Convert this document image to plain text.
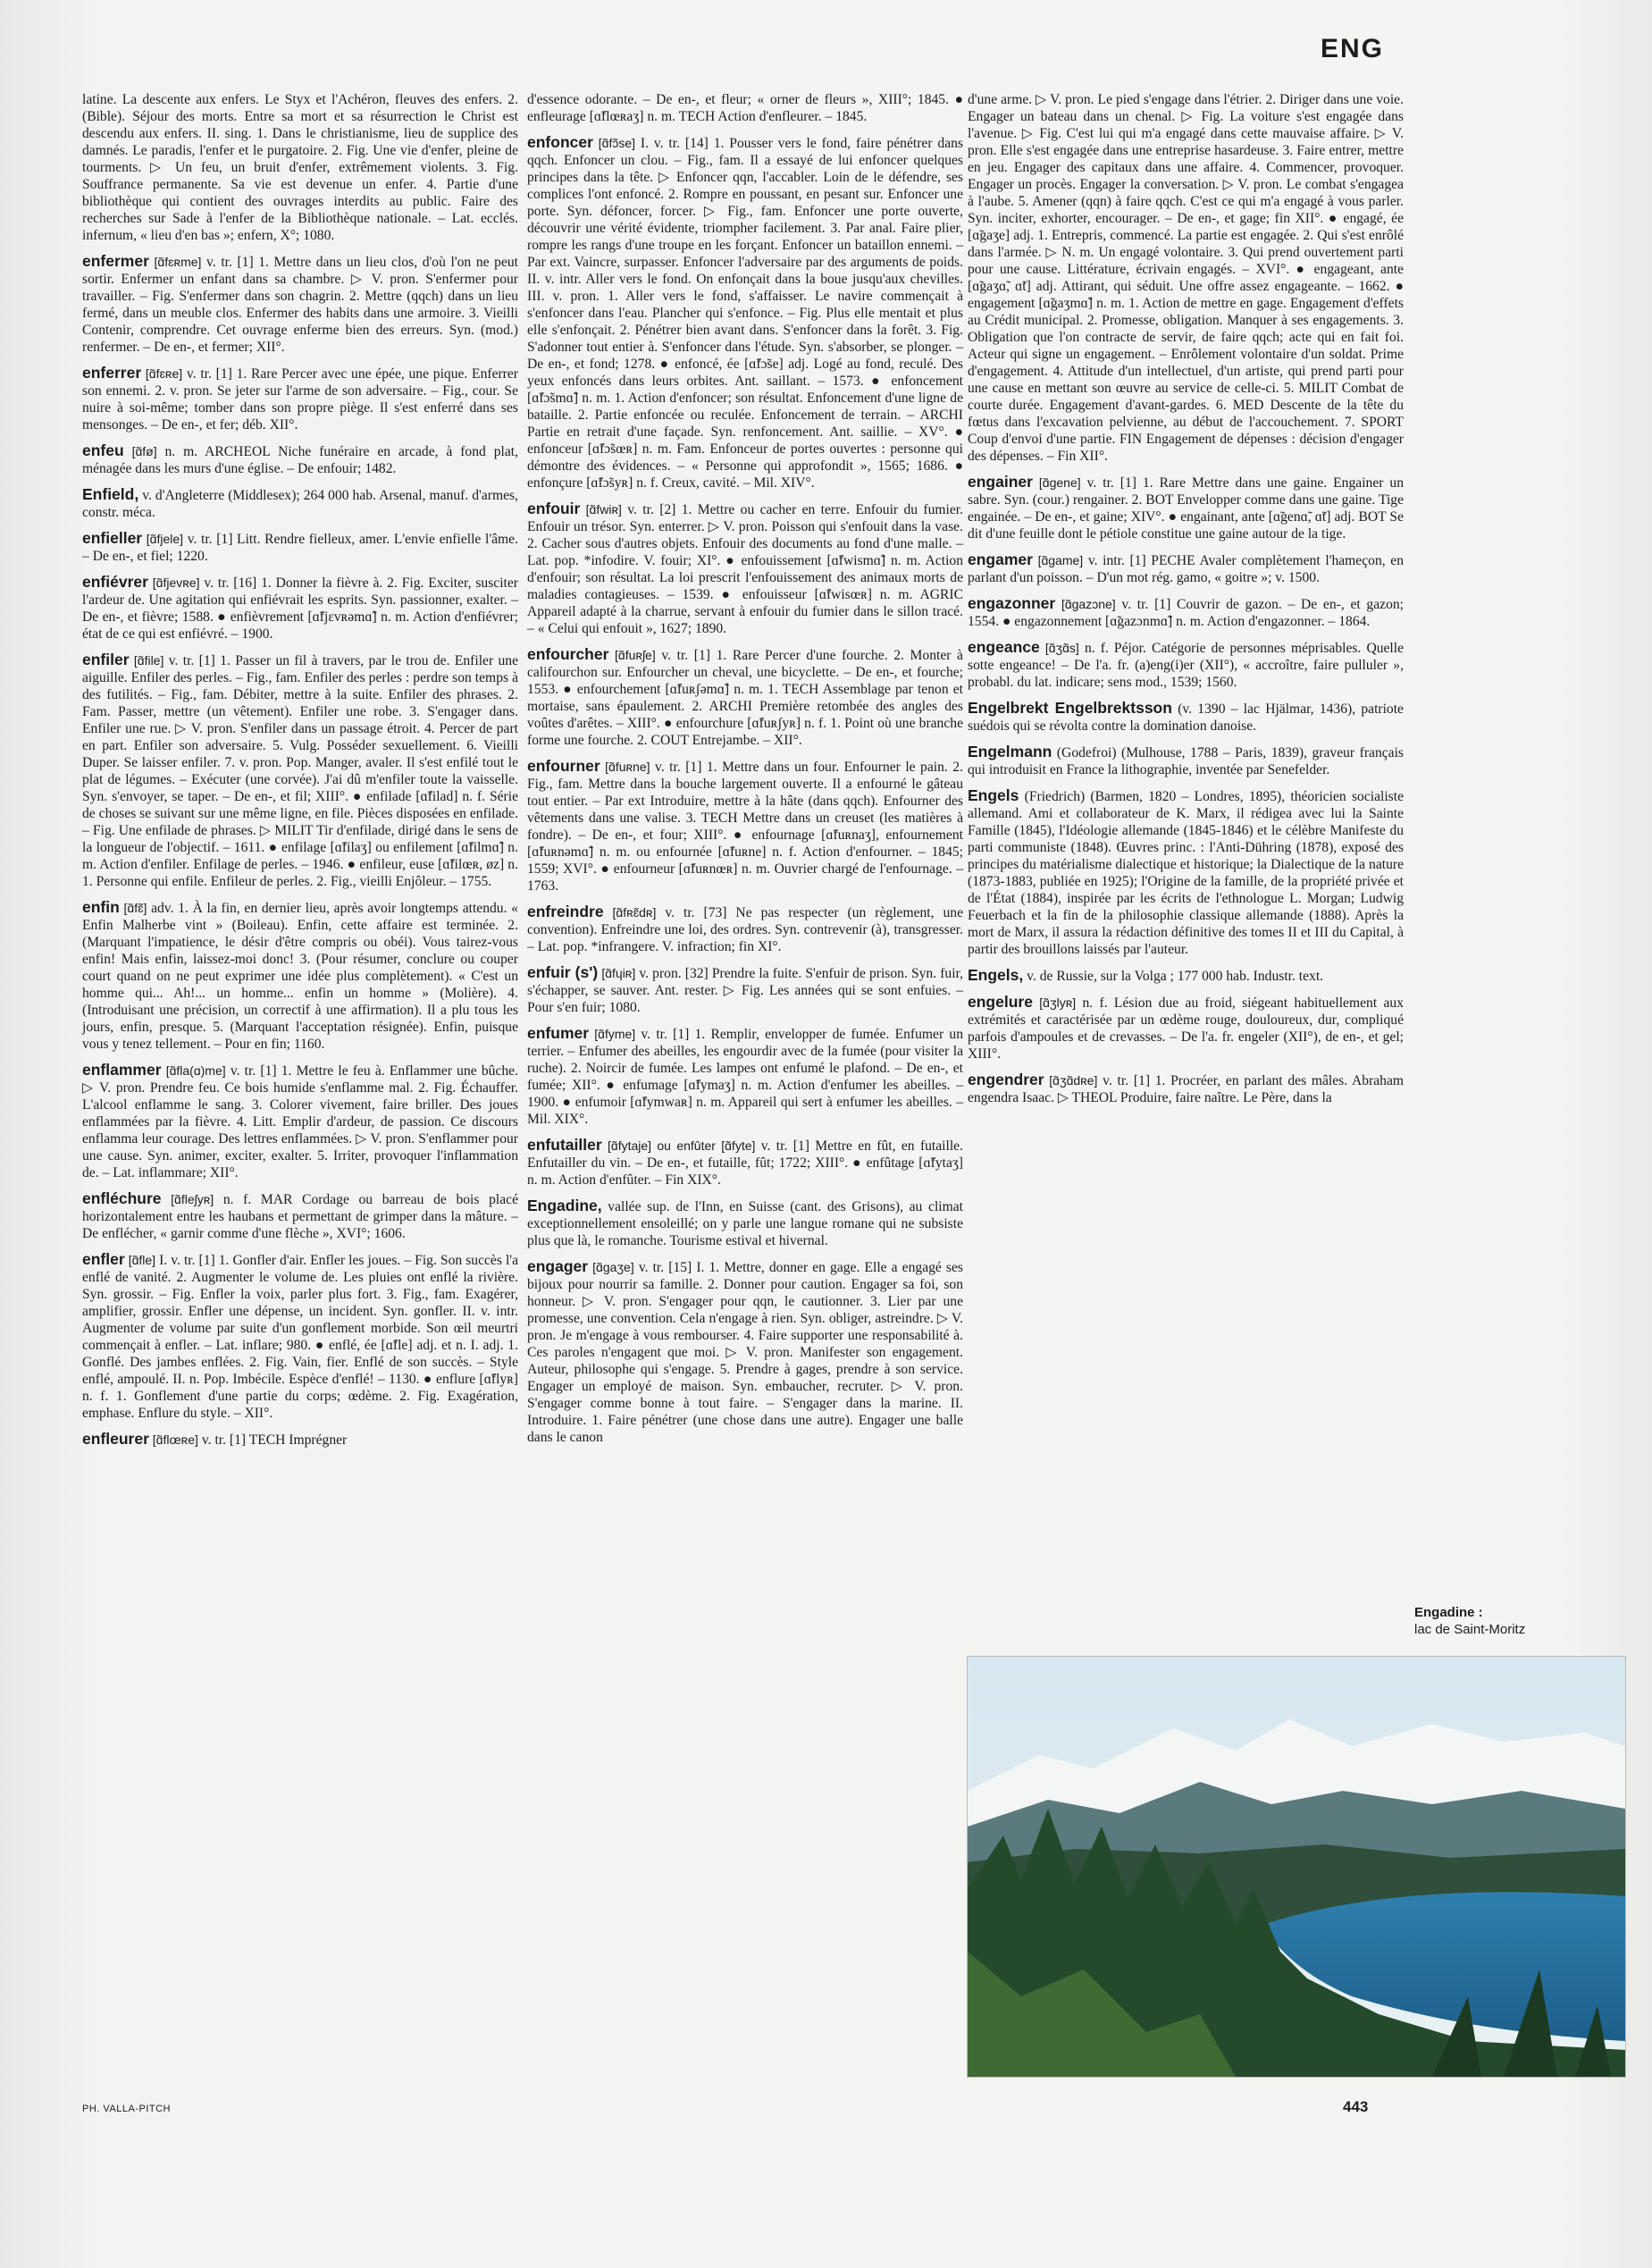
ENG
latine. La descente aux enfers. Le Styx et l'Achéron, fleuves des enfers. 2. (Bible). Séjour des morts. Entre sa mort et sa résurrection le Christ est descendu aux enfers. II. sing. 1. Dans le christianisme, lieu de supplice des damnés. Le paradis, l'enfer et le purgatoire. 2. Fig. Une vie d'enfer, pleine de tourments. ▷ Un feu, un bruit d'enfer, extrêmement violents. 3. Fig. Souffrance permanente. Sa vie est devenue un enfer. 4. Partie d'une bibliothèque qui contient des ouvrages interdits au public. Faire des recherches sur Sade à l'enfer de la Bibliothèque nationale. – Lat. ecclés. infernum, « lieu d'en bas »; enfern, X°; 1080.
enfermer [ɑ̃fɛʀme] v. tr. [1] 1. Mettre dans un lieu clos, d'où l'on ne peut sortir. Enfermer un enfant dans sa chambre. ▷ V. pron. S'enfermer pour travailler. – Fig. S'enfermer dans son chagrin. 2. Mettre (qqch) dans un lieu fermé, dans un meuble clos. Enfermer des habits dans une armoire. 3. Vieilli Contenir, comprendre. Cet ouvrage enferme bien des erreurs. Syn. (mod.) renfermer. – De en-, et fermer; XII°.
enferrer [ɑ̃fɛʀe] v. tr. [1] 1. Rare Percer avec une épée, une pique. Enferrer son ennemi. 2. v. pron. Se jeter sur l'arme de son adversaire. – Fig., cour. Se nuire à soi-même; tomber dans son propre piège. Il s'est enferré dans ses mensonges. – De en-, et fer; déb. XII°.
enfeu [ɑ̃fø] n. m. ARCHEOL Niche funéraire en arcade, à fond plat, ménagée dans les murs d'une église. – De enfouir; 1482.
Enfield, v. d'Angleterre (Middlesex); 264 000 hab. Arsenal, manuf. d'armes, constr. méca.
enfieller [ɑ̃fjele] v. tr. [1] Litt. Rendre fielleux, amer. L'envie enfielle l'âme. – De en-, et fiel; 1220.
enfiévrer [ɑ̃fjevʀe] v. tr. [16] 1. Donner la fièvre à. 2. Fig. Exciter, susciter l'ardeur de. Une agitation qui enfiévrait les esprits. Syn. passionner, exalter. – De en-, et fièvre; 1588. ● enfièvrement [ɑ̃fjɛvʀəmɑ̃] n. m. Action d'enfiévrer; état de ce qui est enfiévré. – 1900.
enfiler [ɑ̃file] v. tr. [1] 1. Passer un fil à travers, par le trou de. Enfiler une aiguille. Enfiler des perles. – Fig., fam. Enfiler des perles : perdre son temps à des futilités. – Fig., fam. Débiter, mettre à la suite. Enfiler des phrases. 2. Fam. Passer, mettre (un vêtement). Enfiler une robe. 3. S'engager dans. Enfiler une rue. ▷ V. pron. S'enfiler dans un passage étroit. 4. Percer de part en part. Enfiler son adversaire. 5. Vulg. Posséder sexuellement. 6. Vieilli Duper. Se laisser enfiler. 7. v. pron. Pop. Manger, avaler. Il s'est enfilé tout le plat de légumes. – Exécuter (une corvée). J'ai dû m'enfiler toute la vaisselle. Syn. s'envoyer, se taper. – De en-, et fil; XIII°. ● enfilade [ɑ̃filad] n. f. Série de choses se suivant sur une même ligne, en file. Pièces disposées en enfilade. – Fig. Une enfilade de phrases. ▷ MILIT Tir d'enfilade, dirigé dans le sens de la longueur de l'objectif. – 1611. ● enfilage [ɑ̃filaʒ] ou enfilement [ɑ̃filmɑ̃] n. m. Action d'enfiler. Enfilage de perles. – 1946. ● enfileur, euse [ɑ̃filœʀ, øz] n. 1. Personne qui enfile. Enfileur de perles. 2. Fig., vieilli Enjôleur. – 1755.
enfin [ɑ̃fɛ̃] adv. 1. À la fin, en dernier lieu, après avoir longtemps attendu. « Enfin Malherbe vint » (Boileau). Enfin, cette affaire est terminée. 2. (Marquant l'impatience, le désir d'être compris ou obéi). Vous tairez-vous enfin! Mais enfin, laissez-moi donc! 3. (Pour résumer, conclure ou couper court quand on ne peut exprimer une idée plus complètement). « C'est un homme qui... Ah!... un homme... enfin un homme » (Molière). 4. (Introduisant une précision, un correctif à une affirmation). Il a plu tous les jours, enfin, presque. 5. (Marquant l'acceptation résignée). Enfin, puisque vous y tenez tellement. – Pour en fin; 1160.
enflammer [ɑ̃fla(ɑ)me] v. tr. [1] 1. Mettre le feu à. Enflammer une bûche. ▷ V. pron. Prendre feu. Ce bois humide s'enflamme mal. 2. Fig. Échauffer. L'alcool enflamme le sang. 3. Colorer vivement, faire briller. Des joues enflammées par la fièvre. 4. Litt. Emplir d'ardeur, de passion. Ce discours enflamma leur courage. Des lettres enflammées. ▷ V. pron. S'enflammer pour une cause. Syn. animer, exciter, exalter. 5. Irriter, provoquer l'inflammation de. – Lat. inflammare; XII°.
enfléchure [ɑ̃fleʃyʀ] n. f. MAR Cordage ou barreau de bois placé horizontalement entre les haubans et permettant de grimper dans la mâture. – De enflécher, « garnir comme d'une flèche », XVI°; 1606.
enfler [ɑ̃fle] I. v. tr. [1] 1. Gonfler d'air. Enfler les joues. – Fig. Son succès l'a enflé de vanité. 2. Augmenter le volume de. Les pluies ont enflé la rivière. Syn. grossir. – Fig. Enfler la voix, parler plus fort. 3. Fig., fam. Exagérer, amplifier, grossir. Enfler une dépense, un incident. Syn. gonfler. II. v. intr. Augmenter de volume par suite d'un gonflement morbide. Son œil meurtri commençait à enfler. – Lat. inflare; 980. ● enflé, ée [ɑ̃fle] adj. et n. I. adj. 1. Gonflé. Des jambes enflées. 2. Fig. Vain, fier. Enflé de son succès. – Style enflé, ampoulé. II. n. Pop. Imbécile. Espèce d'enflé! – 1130. ● enflure [ɑ̃flyʀ] n. f. 1. Gonflement d'une partie du corps; œdème. 2. Fig. Exagération, emphase. Enflure du style. – XII°.
enfleurer [ɑ̃flœʀe] v. tr. [1] TECH Imprégner
d'essence odorante. – De en-, et fleur; « orner de fleurs », XIII°; 1845. ● enfleurage [ɑ̃flœʀaʒ] n. m. TECH Action d'enfleurer. – 1845.
enfoncer [ɑ̃fɔ̃se] I. v. tr. [14] 1. Pousser vers le fond, faire pénétrer dans qqch. Enfoncer un clou. – Fig., fam. Il a essayé de lui enfoncer quelques principes dans la tête. ▷ Enfoncer qqn, l'accabler. Loin de le défendre, ses complices l'ont enfoncé. 2. Rompre en poussant, en pesant sur. Enfoncer une porte. Syn. défoncer, forcer. ▷ Fig., fam. Enfoncer une porte ouverte, découvrir une vérité évidente, triompher facilement. 3. Par anal. Faire plier, rompre les rangs d'une troupe en les forçant. Enfoncer un bataillon ennemi. – Par ext. Vaincre, surpasser. Enfoncer l'adversaire par des arguments de poids. II. v. intr. Aller vers le fond. On enfonçait dans la boue jusqu'aux chevilles. III. v. pron. 1. Aller vers le fond, s'affaisser. Le navire commençait à s'enfoncer dans l'eau. Plancher qui s'enfonce. – Fig. Plus elle mentait et plus elle s'enfonçait. 2. Pénétrer bien avant dans. S'enfoncer dans la forêt. 3. Fig. S'adonner tout entier à. S'enfoncer dans l'étude. Syn. s'absorber, se plonger. – De en-, et fond; 1278. ● enfoncé, ée [ɑ̃fɔ̃se] adj. Logé au fond, reculé. Des yeux enfoncés dans leurs orbites. Ant. saillant. – 1573. ● enfoncement [ɑ̃fɔ̃smɑ̃] n. m. 1. Action d'enfoncer; son résultat. Enfoncement d'une ligne de bataille. 2. Partie enfoncée ou reculée. Enfoncement de terrain. – ARCHI Partie en retrait d'une façade. Syn. renfoncement. Ant. saillie. – XV°. ● enfonceur [ɑ̃fɔ̃sœʀ] n. m. Fam. Enfonceur de portes ouvertes : personne qui démontre des évidences. – « Personne qui approfondit », 1565; 1686. ● enfonçure [ɑ̃fɔ̃syʀ] n. f. Creux, cavité. – Mil. XIV°.
enfouir [ɑ̃fwiʀ] v. tr. [2] 1. Mettre ou cacher en terre. Enfouir du fumier. Enfouir un trésor. Syn. enterrer. ▷ V. pron. Poisson qui s'enfouit dans la vase. 2. Cacher sous d'autres objets. Enfouir des documents au fond d'une malle. – Lat. pop. *infodire. V. fouir; XI°. ● enfouissement [ɑ̃fwismɑ̃] n. m. Action d'enfouir; son résultat. La loi prescrit l'enfouissement des animaux morts de maladies contagieuses. – 1539. ● enfouisseur [ɑ̃fwisœʀ] n. m. AGRIC Appareil adapté à la charrue, servant à enfouir du fumier dans le sillon tracé. – « Celui qui enfouit », 1627; 1890.
enfourcher [ɑ̃fuʀʃe] v. tr. [1] 1. Rare Percer d'une fourche. 2. Monter à califourchon sur. Enfourcher un cheval, une bicyclette. – De en-, et fourche; 1553. ● enfourchement [ɑ̃fuʀʃəmɑ̃] n. m. 1. TECH Assemblage par tenon et mortaise, sans épaulement. 2. ARCHI Première retombée des angles des voûtes d'arêtes. – XIII°. ● enfourchure [ɑ̃fuʀʃyʀ] n. f. 1. Point où une branche forme une fourche. 2. COUT Entrejambe. – XII°.
enfourner [ɑ̃fuʀne] v. tr. [1] 1. Mettre dans un four. Enfourner le pain. 2. Fig., fam. Mettre dans la bouche largement ouverte. Il a enfourné le gâteau tout entier. – Par ext Introduire, mettre à la hâte (dans qqch). Enfourner des vêtements dans une valise. 3. TECH Mettre dans un creuset (les matières à fondre). – De en-, et four; XIII°. ● enfournage [ɑ̃fuʀnaʒ], enfournement [ɑ̃fuʀnəmɑ̃] n. m. ou enfournée [ɑ̃fuʀne] n. f. Action d'enfourner. – 1845; 1559; XVI°. ● enfourneur [ɑ̃fuʀnœʀ] n. m. Ouvrier chargé de l'enfournage. – 1763.
enfreindre [ɑ̃fʀɛ̃dʀ] v. tr. [73] Ne pas respecter (un règlement, une convention). Enfreindre une loi, des ordres. Syn. contrevenir (à), transgresser. – Lat. pop. *infrangere. V. infraction; fin XI°.
enfuir (s') [ɑ̃fɥiʀ] v. pron. [32] Prendre la fuite. S'enfuir de prison. Syn. fuir, s'échapper, se sauver. Ant. rester. ▷ Fig. Les années qui se sont enfuies. – Pour s'en fuir; 1080.
enfumer [ɑ̃fyme] v. tr. [1] 1. Remplir, envelopper de fumée. Enfumer un terrier. – Enfumer des abeilles, les engourdir avec de la fumée (pour visiter la ruche). 2. Noircir de fumée. Les lampes ont enfumé le plafond. – De en-, et fumée; XII°. ● enfumage [ɑ̃fymaʒ] n. m. Action d'enfumer les abeilles. – 1900. ● enfumoir [ɑ̃fymwaʀ] n. m. Appareil qui sert à enfumer les abeilles. – Mil. XIX°.
enfutailler [ɑ̃fytaje] ou enfûter [ɑ̃fyte] v. tr. [1] Mettre en fût, en futaille. Enfutailler du vin. – De en-, et futaille, fût; 1722; XIII°. ● enfûtage [ɑ̃fytaʒ] n. m. Action d'enfûter. – Fin XIX°.
Engadine, vallée sup. de l'Inn, en Suisse (cant. des Grisons), au climat exceptionnellement ensoleillé; on y parle une langue romane qui ne subsiste plus que là, le romanche. Tourisme estival et hivernal.
engager [ɑ̃gaʒe] v. tr. [15] I. 1. Mettre, donner en gage. Elle a engagé ses bijoux pour nourrir sa famille. 2. Donner pour caution. Engager sa foi, son honneur. ▷ V. pron. S'engager pour qqn, le cautionner. 3. Lier par une promesse, une convention. Cela n'engage à rien. Syn. obliger, astreindre. ▷ V. pron. Je m'engage à vous rembourser. 4. Faire supporter une responsabilité à. Ces paroles n'engagent que moi. ▷ V. pron. Manifester son engagement. Auteur, philosophe qui s'engage. 5. Prendre à gages, prendre à son service. Engager un employé de maison. Syn. embaucher, recruter. ▷ V. pron. S'engager comme bonne à tout faire. – S'engager dans la marine. II. Introduire. 1. Faire pénétrer (une chose dans une autre). Engager une balle dans le canon
d'une arme. ▷ V. pron. Le pied s'engage dans l'étrier. 2. Diriger dans une voie. Engager un bateau dans un chenal. ▷ Fig. La voiture s'est engagée dans l'avenue. ▷ Fig. C'est lui qui m'a engagé dans cette mauvaise affaire. ▷ V. pron. Elle s'est engagée dans une entreprise hasardeuse. 3. Faire entrer, mettre en jeu. Engager des capitaux dans une affaire. 4. Commencer, provoquer. Engager un procès. Engager la conversation. ▷ V. pron. Le combat s'engagea à l'aube. 5. Amener (qqn) à faire qqch. C'est ce qui m'a engagé à vous parler. Syn. inciter, exhorter, encourager. – De en-, et gage; fin XII°. ● engagé, ée [ɑ̃gaʒe] adj. 1. Entrepris, commencé. La partie est engagée. 2. Qui s'est enrôlé dans l'armée. ▷ N. m. Un engagé volontaire. 3. Qui prend ouvertement parti pour une cause. Littérature, écrivain engagés. – XVI°. ● engageant, ante [ɑ̃gaʒɑ̃, ɑ̃t] adj. Attirant, qui séduit. Une offre assez engageante. – 1662. ● engagement [ɑ̃gaʒmɑ̃] n. m. 1. Action de mettre en gage. Engagement d'effets au Crédit municipal. 2. Promesse, obligation. Manquer à ses engagements. 3. Obligation que l'on contracte de servir, de faire qqch; acte qui en fait foi. Acteur qui signe un engagement. – Enrôlement volontaire d'un soldat. Prime d'engagement. 4. Attitude d'un intellectuel, d'un artiste, qui prend parti pour une cause en mettant son œuvre au service de celle-ci. 5. MILIT Combat de courte durée. Engagement d'avant-gardes. 6. MED Descente de la tête du fœtus dans l'excavation pelvienne, au début de l'accouchement. 7. SPORT Coup d'envoi d'une partie. FIN Engagement de dépenses : décision d'engager des dépenses. – Fin XII°.
engainer [ɑ̃gene] v. tr. [1] 1. Rare Mettre dans une gaine. Engainer un sabre. Syn. (cour.) rengainer. 2. BOT Envelopper comme dans une gaine. Tige engainée. – De en-, et gaine; XIV°. ● engainant, ante [ɑ̃genɑ̃, ɑ̃t] adj. BOT Se dit d'une feuille dont le pétiole constitue une gaine autour de la tige.
engamer [ɑ̃game] v. intr. [1] PECHE Avaler complètement l'hameçon, en parlant d'un poisson. – D'un mot rég. gamo, « goitre »; v. 1500.
engazonner [ɑ̃gazɔne] v. tr. [1] Couvrir de gazon. – De en-, et gazon; 1554. ● engazonnement [ɑ̃gazɔnmɑ̃] n. m. Action d'engazonner. – 1864.
engeance [ɑ̃ʒɑ̃s] n. f. Péjor. Catégorie de personnes méprisables. Quelle sotte engeance! – De l'a. fr. (a)eng(i)er (XII°), « accroître, faire pulluler », probabl. du lat. indicare; sens mod., 1539; 1560.
Engelbrekt Engelbrektsson (v. 1390 – lac Hjälmar, 1436), patriote suédois qui se révolta contre la domination danoise.
Engelmann (Godefroi) (Mulhouse, 1788 – Paris, 1839), graveur français qui introduisit en France la lithographie, inventée par Senefelder.
Engels (Friedrich) (Barmen, 1820 – Londres, 1895), théoricien socialiste allemand. Ami et collaborateur de K. Marx, il rédigea avec lui la Sainte Famille (1845), l'Idéologie allemande (1845-1846) et le célèbre Manifeste du parti communiste (1848). Œuvres princ. : l'Anti-Dühring (1878), exposé des principes du matérialisme dialectique et historique; la Dialectique de la nature (1873-1883, publiée en 1925); l'Origine de la famille, de la propriété privée et de l'État (1884), inspirée par les écrits de l'ethnologue L. Morgan; Ludwig Feuerbach et la fin de la philosophie classique allemande (1888). Après la mort de Marx, il assura la rédaction définitive des tomes II et III du Capital, à partir des brouillons laissés par l'auteur.
Engels, v. de Russie, sur la Volga ; 177 000 hab. Industr. text.
engelure [ɑ̃ʒlyʀ] n. f. Lésion due au froid, siégeant habituellement aux extrémités et caractérisée par un œdème rouge, douloureux, dur, compliqué parfois d'ampoules et de crevasses. – De l'a. fr. engeler (XII°), de en-, et gel; XIII°.
engendrer [ɑ̃ʒɑ̃dʀe] v. tr. [1] 1. Procréer, en parlant des mâles. Abraham engendra Isaac. ▷ THEOL Produire, faire naître. Le Père, dans la
Engadine :
lac de Saint-Moritz
PH. VALLA-PITCH	443
